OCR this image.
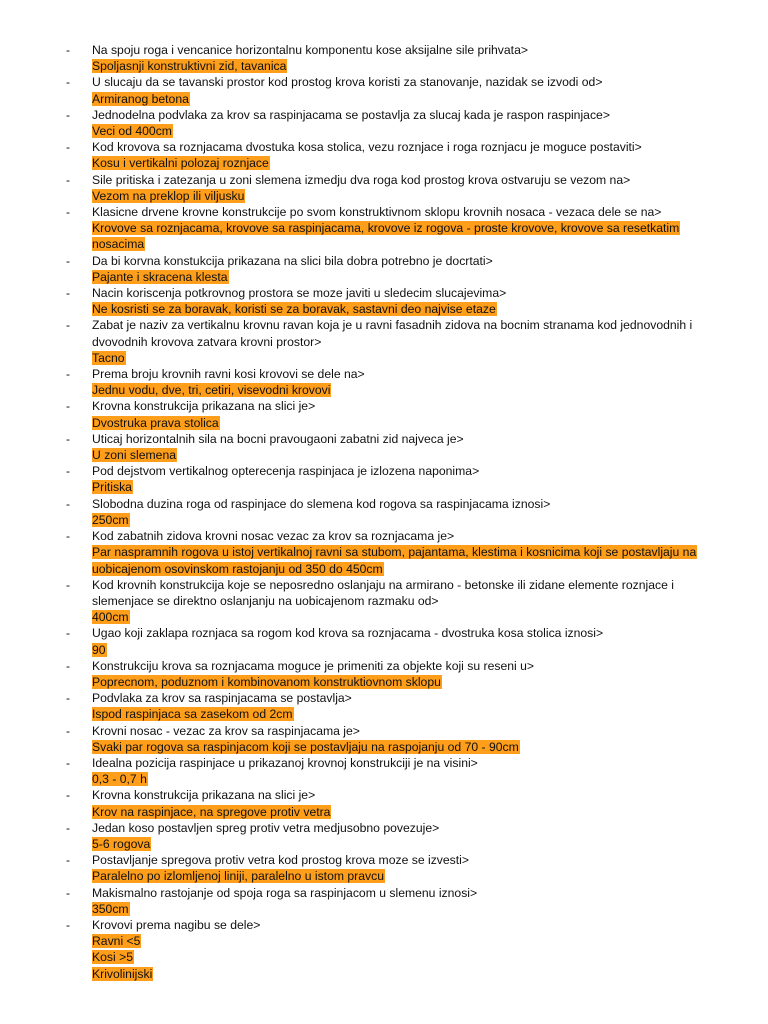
- Na spoju roga i vencanice horizontalnu komponentu kose aksijalne sile prihvata>

Spoljasnji konstruktivni zid, tavanica

- U slucaju da se tavanski prostor kod prostog krova koristi za stanovanje, nazidak se izvodi od>

Armiranog betona

- Jednodelna podvlaka za krov sa raspinjacama se postavlja za slucaj kada je raspon raspinjace>

Veci od 400cm

- Kod krovova sa roznjacama dvostuka kosa stolica, vezu roznjace i roga roznjacu je moguce postaviti>

Kosu i vertikalni polozaj roznjace

- Sile pritiska i zatezanja u zoni slemena izmedju dva roga kod prostog krova ostvaruju se vezom na>

Vezom na preklop ili viljusku

- Klasicne drvene krovne konstrukcije po svom konstruktivnom sklopu krovnih nosaca - vezaca dele se na>

Krovove sa roznjacama, krovove sa raspinjacama, krovove iz rogova - proste krovove, krovove sa resetkatim nosacima

- Da bi korvna konstukcija prikazana na slici bila dobra potrebno je docrtati>

Pajante i skracena klesta

- Nacin koriscenja potkrovnog prostora se moze javiti u sledecim slucajevima>

Ne kosristi se za boravak, koristi se za boravak, sastavni deo najvise etaze

- Zabat je naziv za vertikalnu krovnu ravan koja je u ravni fasadnih zidova na bocnim stranama kod jednovodnih i dvovodnih krovova zatvara krovni prostor>

Tacno

- Prema broju krovnih ravni kosi krovovi se dele na>

Jednu vodu, dve, tri, cetiri, visevodni krovovi

- Krovna konstrukcija prikazana na slici je>

Dvostruka prava stolica

- Uticaj horizontalnih sila na bocni pravougaoni zabatni zid najveca je>

U zoni slemena

- Pod dejstvom vertikalnog opterecenja raspinjaca je izlozena naponima>

Pritiska

- Slobodna duzina roga od raspinjace do slemena kod rogova sa raspinjacama iznosi>

250cm

- Kod zabatnih zidova krovni nosac vezac za krov sa roznjacama je>

Par naspramnih rogova u istoj vertikalnoj ravni sa stubom, pajantama, klestima i kosnicima koji se postavljaju na uobicajenom osovinskom rastojanju od 350 do 450cm

- Kod krovnih konstrukcija koje se neposredno oslanjaju na armirano - betonske ili zidane elemente roznjace i slemenjace se direktno oslanjanju na uobicajenom razmaku od>

400cm

- Ugao koji zaklapa roznjaca sa rogom kod krova sa roznjacama - dvostruka kosa stolica iznosi>

90

- Konstrukciju krova sa roznjacama moguce je primeniti za objekte koji su reseni u>

Poprecnom, poduznom i kombinovanom konstruktiovnom sklopu

- Podvlaka za krov sa raspinjacama se postavlja>

Ispod raspinjaca sa zasekom od 2cm

- Krovni nosac - vezac za krov sa raspinjacama je>

Svaki par rogova sa raspinjacom koji se postavljaju na raspojanju od 70 - 90cm

- Idealna pozicija raspinjace u prikazanoj krovnoj konstrukciji je na visini>

0,3 - 0,7 h

- Krovna konstrukcija prikazana na slici je>

Krov na raspinjace, na spregove protiv vetra

- Jedan koso postavljen spreg protiv vetra medjusobno povezuje>

5-6 rogova

- Postavljanje spregova protiv vetra kod prostog krova moze se izvesti>

Paralelno po izlomljenoj liniji, paralelno u istom pravcu

- Makismalno rastojanje od spoja roga sa raspinjacom u slemenu iznosi>

350cm

- Krovovi prema nagibu se dele>

Ravni <5

Kosi >5

Krivolinijski
